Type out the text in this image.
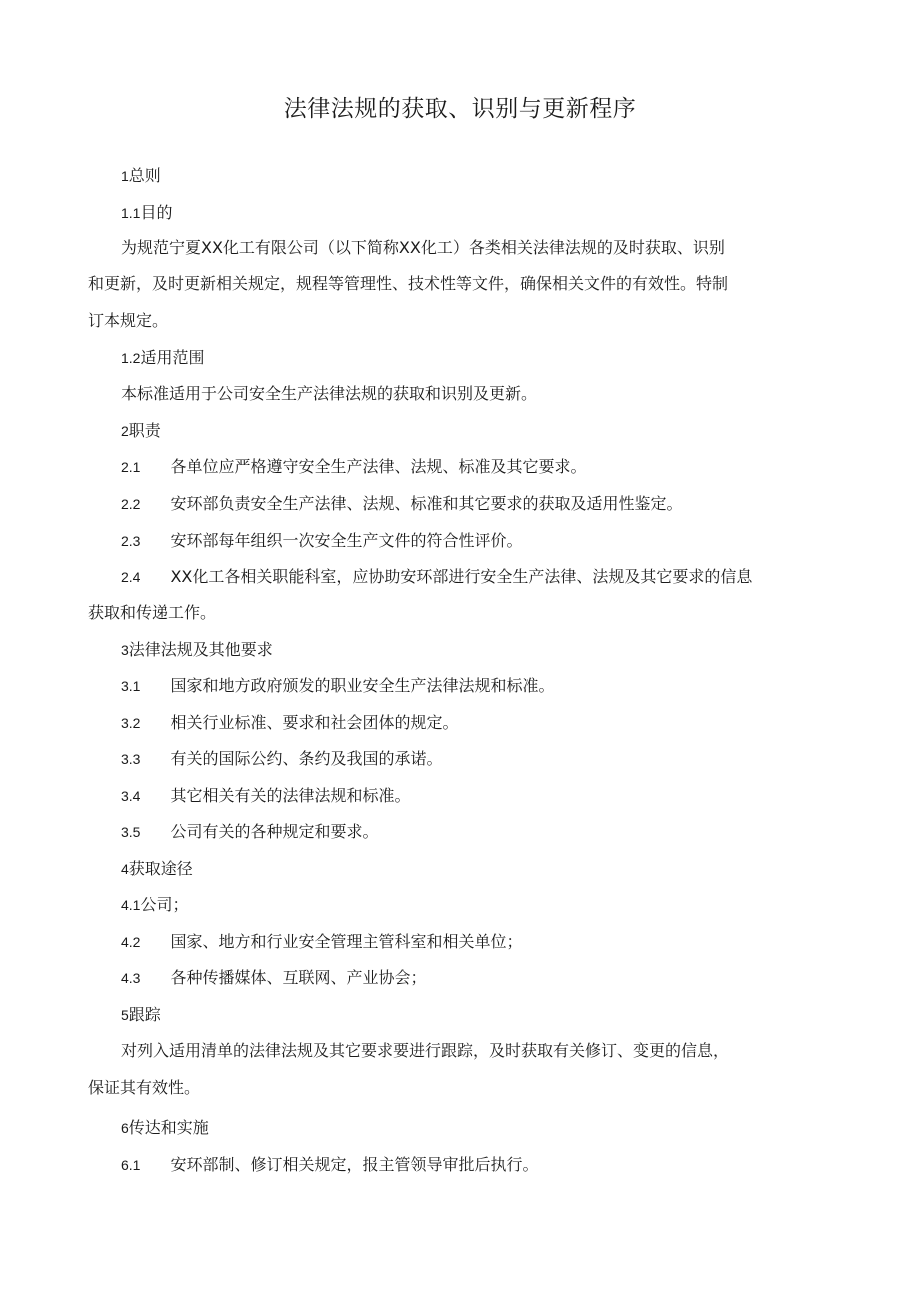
法律法规的获取、识别与更新程序
1总则
1.1目的
为规范宁夏XX化工有限公司（以下简称XX化工）各类相关法律法规的及时获取、识别
和更新，及时更新相关规定，规程等管理性、技术性等文件，确保相关文件的有效性。特制
订本规定。
1.2适用范围
本标准适用于公司安全生产法律法规的获取和识别及更新。
2职责
2.1 各单位应严格遵守安全生产法律、法规、标准及其它要求。
2.2 安环部负责安全生产法律、法规、标准和其它要求的获取及适用性鉴定。
2.3 安环部每年组织一次安全生产文件的符合性评价。
2.4 XX化工各相关职能科室，应协助安环部进行安全生产法律、法规及其它要求的信息
获取和传递工作。
3法律法规及其他要求
3.1 国家和地方政府颁发的职业安全生产法律法规和标准。
3.2 相关行业标准、要求和社会团体的规定。
3.3 有关的国际公约、条约及我国的承诺。
3.4 其它相关有关的法律法规和标准。
3.5 公司有关的各种规定和要求。
4获取途径
4.1公司；
4.2 国家、地方和行业安全管理主管科室和相关单位；
4.3 各种传播媒体、互联网、产业协会；
5跟踪
对列入适用清单的法律法规及其它要求要进行跟踪，及时获取有关修订、变更的信息，
保证其有效性。
6传达和实施
6.1 安环部制、修订相关规定，报主管领导审批后执行。
